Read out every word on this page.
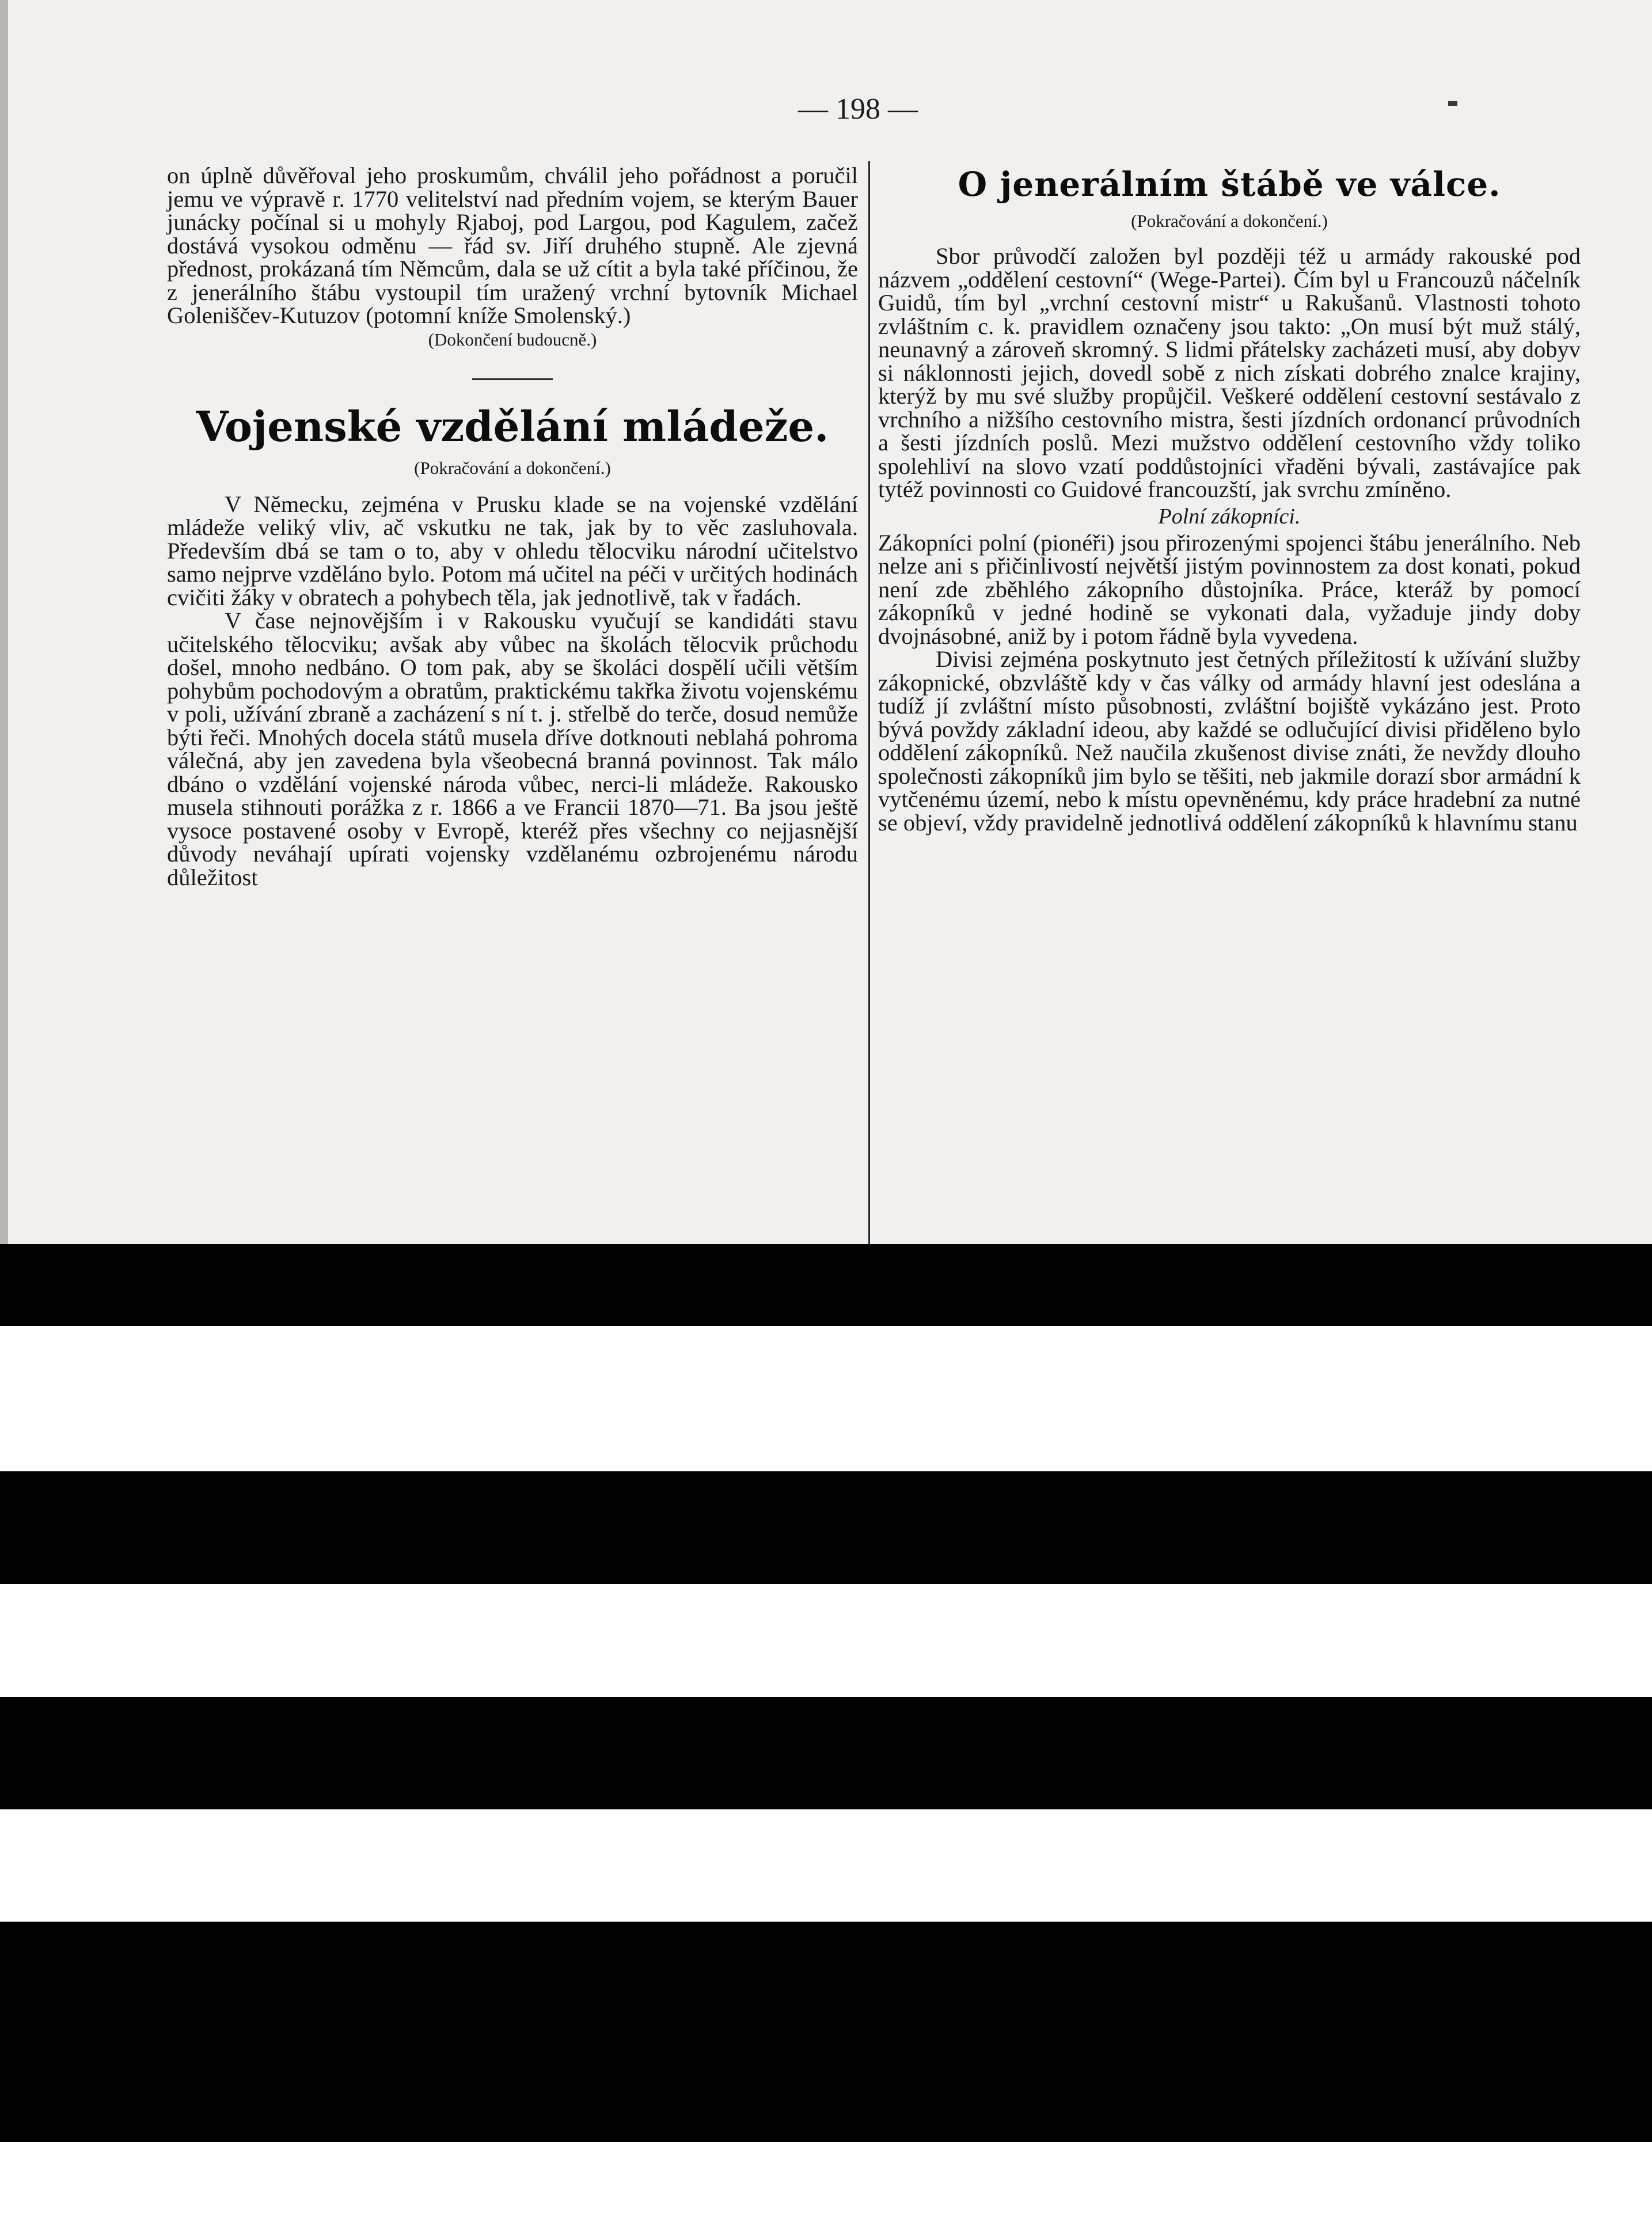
— 198 —

on úplně důvěřoval jeho proskumům, chválil jeho pořádnost a poručil jemu ve výpravě r. 1770 velitelství nad předním vojem, se kterým Bauer junácky počínal si u mohyly Rjaboj, pod Largou, pod Kagulem, začež dostává vysokou odměnu — řád sv. Jiří druhého stupně. Ale zjevná přednost, prokázaná tím Němcům, dala se už cítit a byla také příčinou, že z jenerálního štábu vystoupil tím uražený vrchní bytovník Michael Goleniščev-Kutuzov (potomní kníže Smolenský.)

(Dokončení budoucně.)
Vojenské vzdělání mládeže.
(Pokračování a dokončení.)

V Německu, zejména v Prusku klade se na vojenské vzdělání mládeže veliký vliv, ač vskutku ne tak, jak by to věc zasluhovala. Především dbá se tam o to, aby v ohledu tělocviku národní učitelstvo samo nejprve vzděláno bylo. Potom má učitel na péči v určitých hodinách cvičiti žáky v obratech a pohybech těla, jak jednotlivě, tak v řadách.

V čase nejnovějším i v Rakousku vyučují se kandidáti stavu učitelského tělocviku; avšak aby vůbec na školách tělocvik průchodu došel, mnoho nedbáno. O tom pak, aby se školáci dospělí učili větším pohybům pochodovým a obratům, praktickému takřka životu vojenskému v poli, užívání zbraně a zacházení s ní t. j. střelbě do terče, dosud nemůže býti řeči. Mnohých docela států musela dříve dotknouti neblahá pohroma válečná, aby jen zavedena byla všeobecná branná povinnost. Tak málo dbáno o vzdělání vojenské národa vůbec, nerci-li mládeže. Rakousko musela stihnouti porážka z r. 1866 a ve Francii 1870—71. Ba jsou ještě vysoce postavené osoby v Evropě, kteréž přes všechny co nejjasnější důvody neváhají upírati vojensky vzdělanému ozbrojenému národu důležitost

O jenerálním štábě ve válce.
(Pokračování a dokončení.)

Sbor průvodčí založen byl později též u armády rakouské pod názvem „oddělení cestovní“ (Wege-Partei). Čím byl u Francouzů náčelník Guidů, tím byl „vrchní cestovní mistr“ u Rakušanů. Vlastnosti tohoto zvláštním c. k. pravidlem označeny jsou takto: „On musí být muž stálý, neunavný a zároveň skromný. S lidmi přátelsky zacházeti musí, aby dobyv si náklonnosti jejich, dovedl sobě z nich získati dobrého znalce krajiny, kterýž by mu své služby propůjčil. Veškeré oddělení cestovní sestávalo z vrchního a nižšího cestovního mistra, šesti jízdních ordonancí průvodních a šesti jízdních poslů. Mezi mužstvo oddělení cestovního vždy toliko spolehliví na slovo vzatí poddůstojníci vřaděni bývali, zastávajíce pak tytéž povinnosti co Guidové francouzští, jak svrchu zmíněno.

Polní zákopníci.

Zákopníci polní (pionéři) jsou přirozenými spojenci štábu jenerálního. Neb nelze ani s přičinlivostí největší jistým povinnostem za dost konati, pokud není zde zběhlého zákopního důstojníka. Práce, kteráž by pomocí zákopníků v jedné hodině se vykonati dala, vyžaduje jindy doby dvojnásobné, aniž by i potom řádně byla vyvedena.

Divisi zejména poskytnuto jest četných příležitostí k užívání služby zákopnické, obzvláště kdy v čas války od armády hlavní jest odeslána a tudíž jí zvláštní místo působnosti, zvláštní bojiště vykázáno jest. Proto bývá povždy základní ideou, aby každé se odlučující divisi přiděleno bylo oddělení zákopníků. Než naučila zkušenost divise znáti, že nevždy dlouho společnosti zákopníků jim bylo se těšiti, neb jakmile dorazí sbor armádní k vytčenému území, nebo k místu opevněnému, kdy práce hradební za nutné se objeví, vždy pravidelně jednotlivá oddělení zákopníků k hlavnímu stanu
